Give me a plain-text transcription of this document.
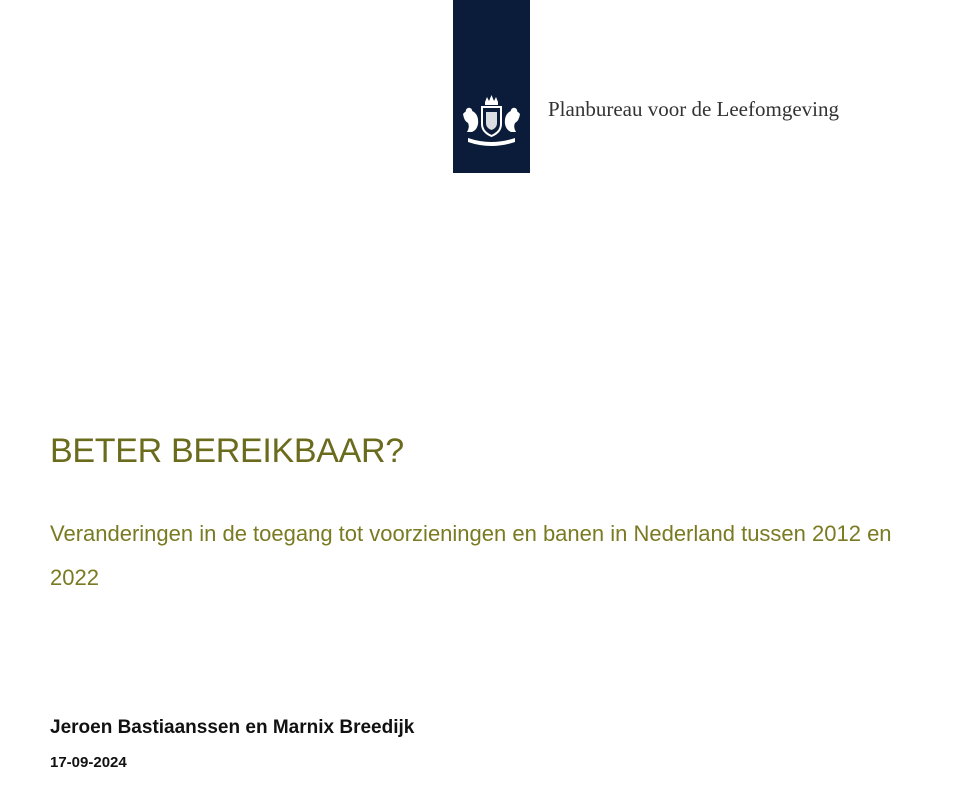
Planbureau voor de Leefomgeving
BETER BEREIKBAAR?

Veranderingen in de toegang tot voorzieningen en banen in Nederland tussen 2012 en 2022

Jeroen Bastiaanssen en Marnix Breedijk
17-09-2024
